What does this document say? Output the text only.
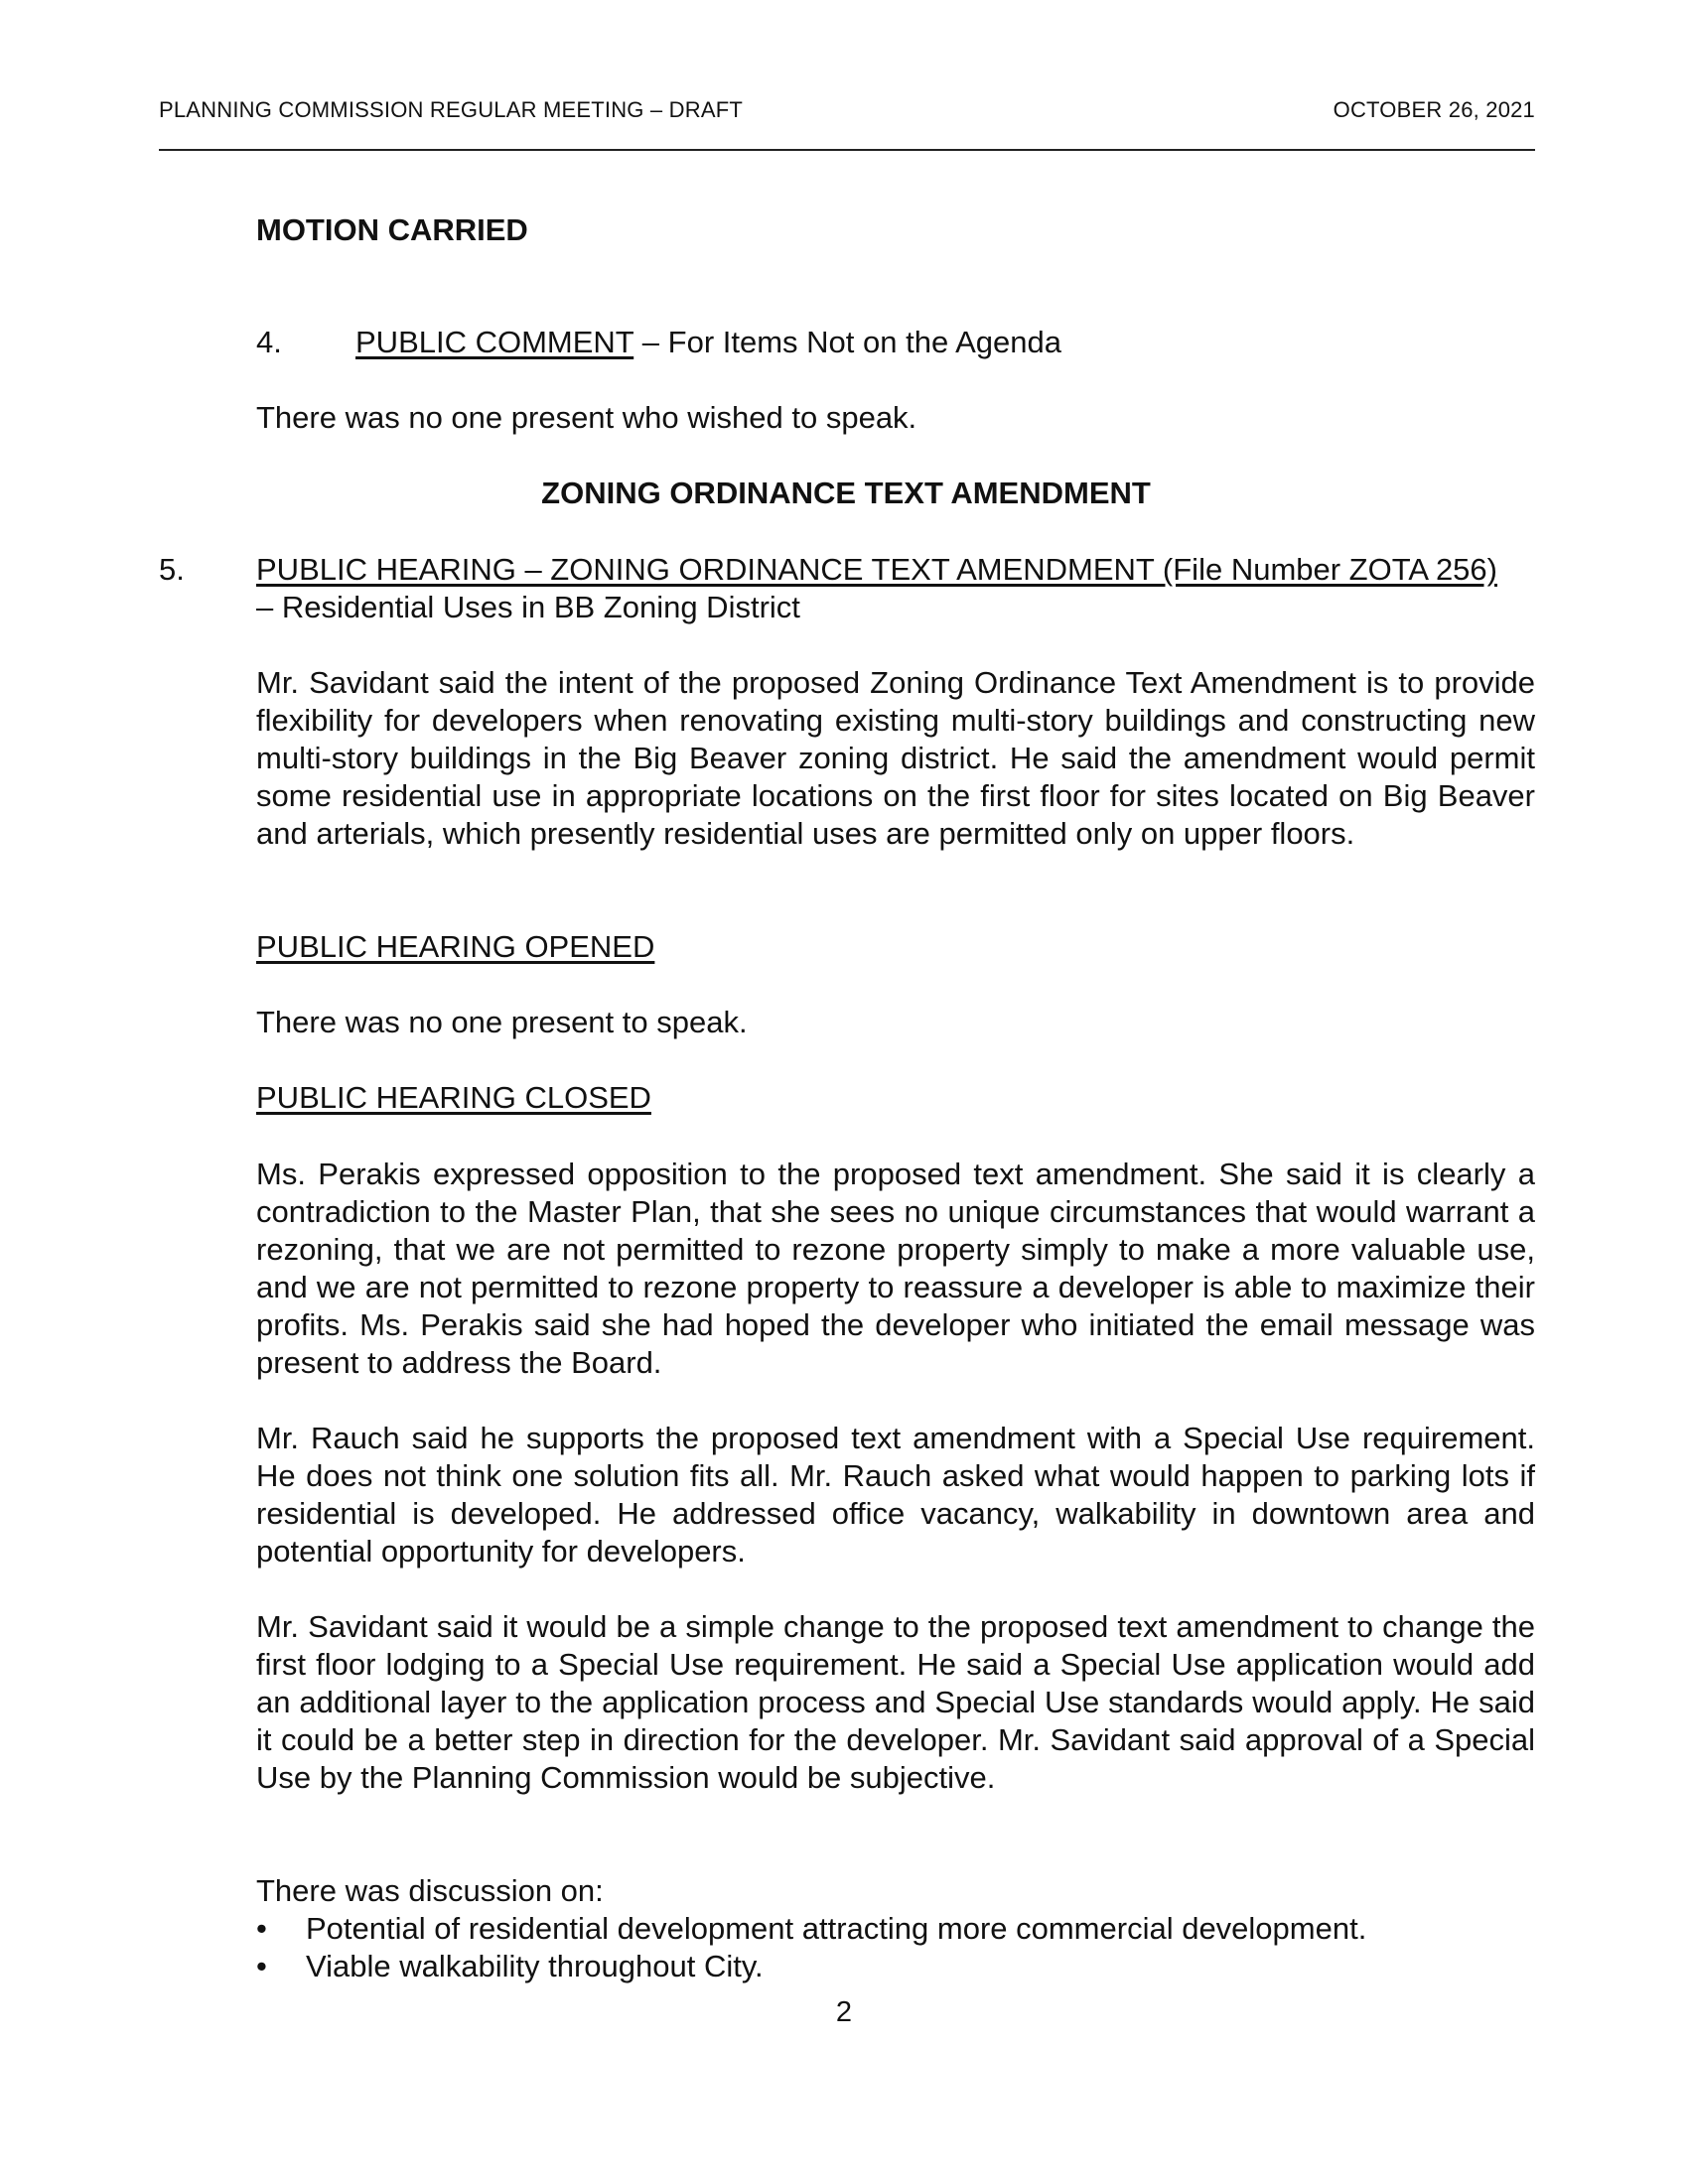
PLANNING COMMISSION REGULAR MEETING – DRAFT	OCTOBER 26, 2021
MOTION CARRIED
4. PUBLIC COMMENT – For Items Not on the Agenda
There was no one present who wished to speak.
ZONING ORDINANCE TEXT AMENDMENT
5. PUBLIC HEARING – ZONING ORDINANCE TEXT AMENDMENT (File Number ZOTA 256)
– Residential Uses in BB Zoning District
Mr. Savidant said the intent of the proposed Zoning Ordinance Text Amendment is to provide flexibility for developers when renovating existing multi-story buildings and constructing new multi-story buildings in the Big Beaver zoning district. He said the amendment would permit some residential use in appropriate locations on the first floor for sites located on Big Beaver and arterials, which presently residential uses are permitted only on upper floors.
PUBLIC HEARING OPENED
There was no one present to speak.
PUBLIC HEARING CLOSED
Ms. Perakis expressed opposition to the proposed text amendment. She said it is clearly a contradiction to the Master Plan, that she sees no unique circumstances that would warrant a rezoning, that we are not permitted to rezone property simply to make a more valuable use, and we are not permitted to rezone property to reassure a developer is able to maximize their profits. Ms. Perakis said she had hoped the developer who initiated the email message was present to address the Board.
Mr. Rauch said he supports the proposed text amendment with a Special Use requirement. He does not think one solution fits all. Mr. Rauch asked what would happen to parking lots if residential is developed. He addressed office vacancy, walkability in downtown area and potential opportunity for developers.
Mr. Savidant said it would be a simple change to the proposed text amendment to change the first floor lodging to a Special Use requirement. He said a Special Use application would add an additional layer to the application process and Special Use standards would apply. He said it could be a better step in direction for the developer. Mr. Savidant said approval of a Special Use by the Planning Commission would be subjective.
There was discussion on:
• Potential of residential development attracting more commercial development.
• Viable walkability throughout City.
2
